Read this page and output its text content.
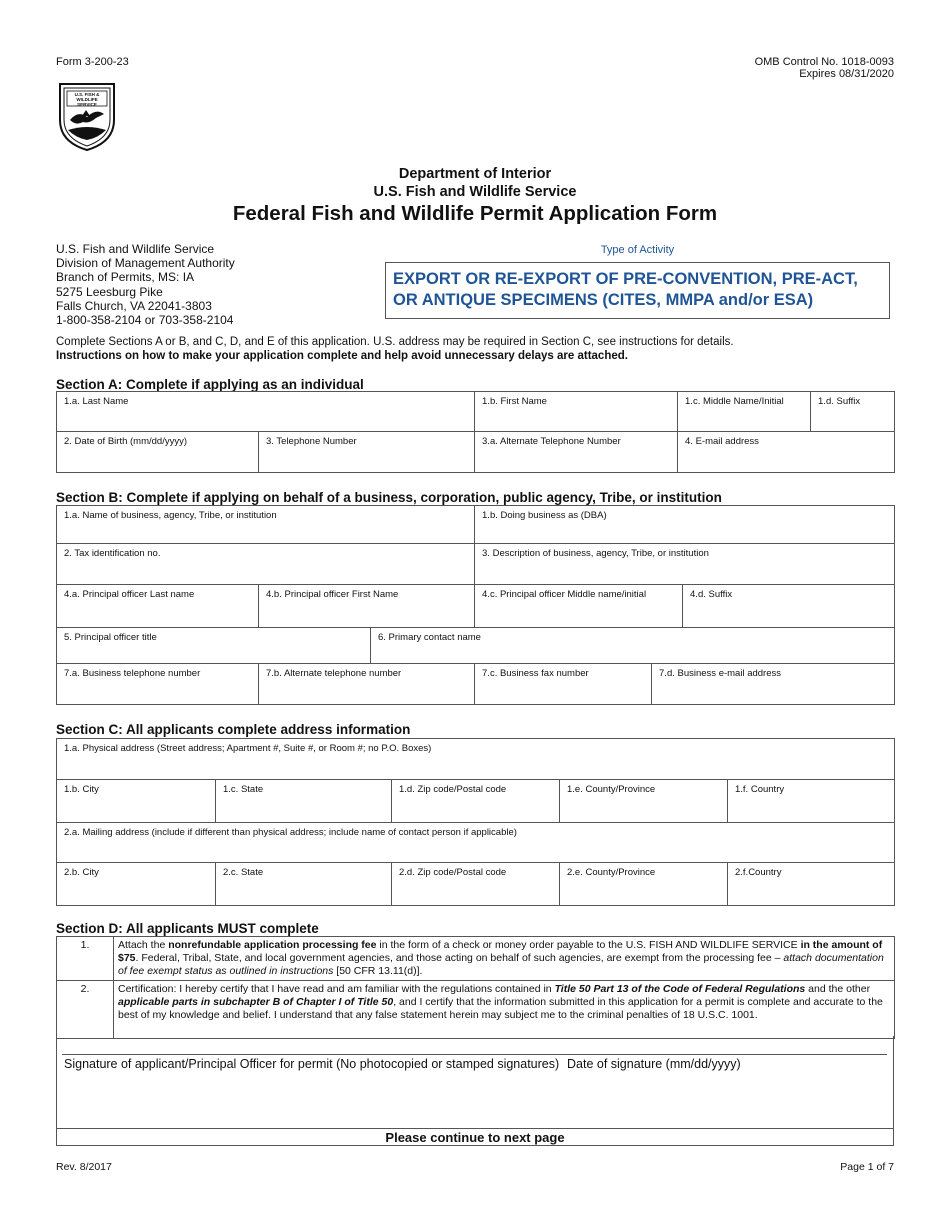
Form 3-200-23	OMB Control No. 1018-0093
Expires 08/31/2020
U.S. FISH & WILDLIFE SERVICE
Department of Interior
U.S. Fish and Wildlife Service
Federal Fish and Wildlife Permit Application Form
U.S. Fish and Wildlife Service
Division of Management Authority
Branch of Permits, MS: IA
5275 Leesburg Pike
Falls Church, VA 22041-3803
1-800-358-2104 or 703-358-2104
Type of Activity
EXPORT OR RE-EXPORT OF PRE-CONVENTION, PRE-ACT,
OR ANTIQUE SPECIMENS (CITES, MMPA and/or ESA)
Complete Sections A or B, and C, D, and E of this application. U.S. address may be required in Section C, see instructions for details.
Instructions on how to make your application complete and help avoid unnecessary delays are attached.
Section A: Complete if applying as an individual
1.a. Last Name		1.b. First Name	1.c. Middle Name/Initial	1.d. Suffix

2. Date of Birth (mm/dd/yyyy)	3. Telephone Number	3.a. Alternate Telephone Number	4. E-mail address	
Section B: Complete if applying on behalf of a business, corporation, public agency, Tribe, or institution
1.a. Name of business, agency, Tribe, or institution			1.b. Doing business as (DBA)		

2. Tax identification no.			3. Description of business, agency, Tribe, or institution		

4.a. Principal officer Last name	4.b. Principal officer First Name		4.c. Principal officer Middle name/initial		4.d. Suffix

5. Principal officer title		6. Primary contact name			

7.a. Business telephone number	7.b. Alternate telephone number		7.c. Business fax number	7.d. Business e-mail address	
Section C: All applicants complete address information
1.a. Physical address (Street address; Apartment #, Suite #, or Room #; no P.O. Boxes)				

1.b. City	1.c. State	1.d. Zip code/Postal code	1.e. County/Province	1.f. Country

2.a. Mailing address (include if different than physical address; include name of contact person if applicable)				

2.b. City	2.c. State	2.d. Zip code/Postal code	2.e. County/Province	2.f.Country
Section D: All applicants MUST complete
1.	Attach the nonrefundable application processing fee in the form of a check or money order payable to the U.S. FISH AND WILDLIFE SERVICE in the amount of $75. Federal, Tribal, State, and local government agencies, and those acting on behalf of such agencies, are exempt from the processing fee – attach documentation of fee exempt status as outlined in instructions [50 CFR 13.11(d)].
2.	Certification: I hereby certify that I have read and am familiar with the regulations contained in Title 50 Part 13 of the Code of Federal Regulations and the other applicable parts in subchapter B of Chapter I of Title 50, and I certify that the information submitted in this application for a permit is complete and accurate to the best of my knowledge and belief. I understand that any false statement herein may subject me to the criminal penalties of 18 U.S.C. 1001.
Signature of applicant/Principal Officer for permit (No photocopied or stamped signatures) Date of signature (mm/dd/yyyy)
Please continue to next page
Rev. 8/2017	Page 1 of 7
